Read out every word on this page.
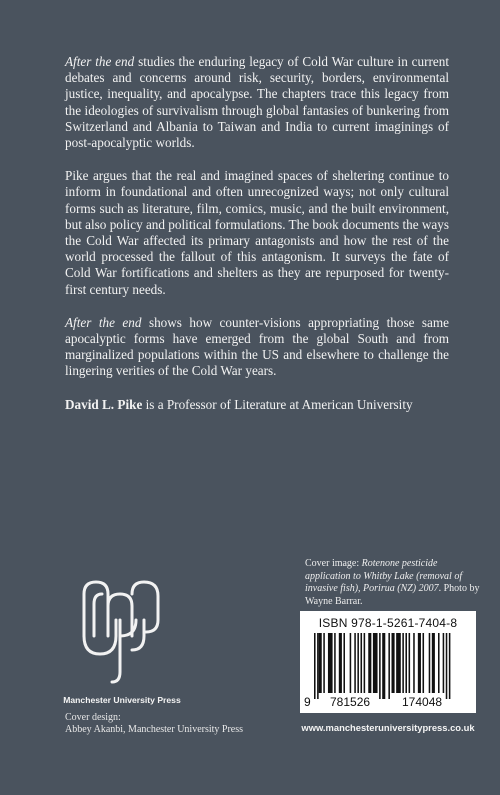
After the end studies the enduring legacy of Cold War culture in current debates and concerns around risk, security, borders, environmental justice, inequality, and apocalypse. The chapters trace this legacy from the ideologies of survivalism through global fantasies of bunkering from Switzerland and Albania to Taiwan and India to current imaginings of post-apocalyptic worlds.

Pike argues that the real and imagined spaces of sheltering continue to inform in foundational and often unrecognized ways; not only cultural forms such as literature, film, comics, music, and the built environment, but also policy and political formulations. The book documents the ways the Cold War affected its primary antagonists and how the rest of the world processed the fallout of this antagonism. It surveys the fate of Cold War fortifications and shelters as they are repurposed for twenty-first century needs.

After the end shows how counter-visions appropriating those same apocalyptic forms have emerged from the global South and from marginalized populations within the US and elsewhere to challenge the lingering verities of the Cold War years.

David L. Pike is a Professor of Literature at American University

Cover image: Rotenone pesticide application to Whitby Lake (removal of invasive fish), Porirua (NZ) 2007. Photo by Wayne Barrar.
ISBN 978-1-5261-7404-8
9 781526	174048
www.manchesteruniversitypress.co.uk
Manchester University Press
Cover design:
Abbey Akanbi, Manchester University Press
